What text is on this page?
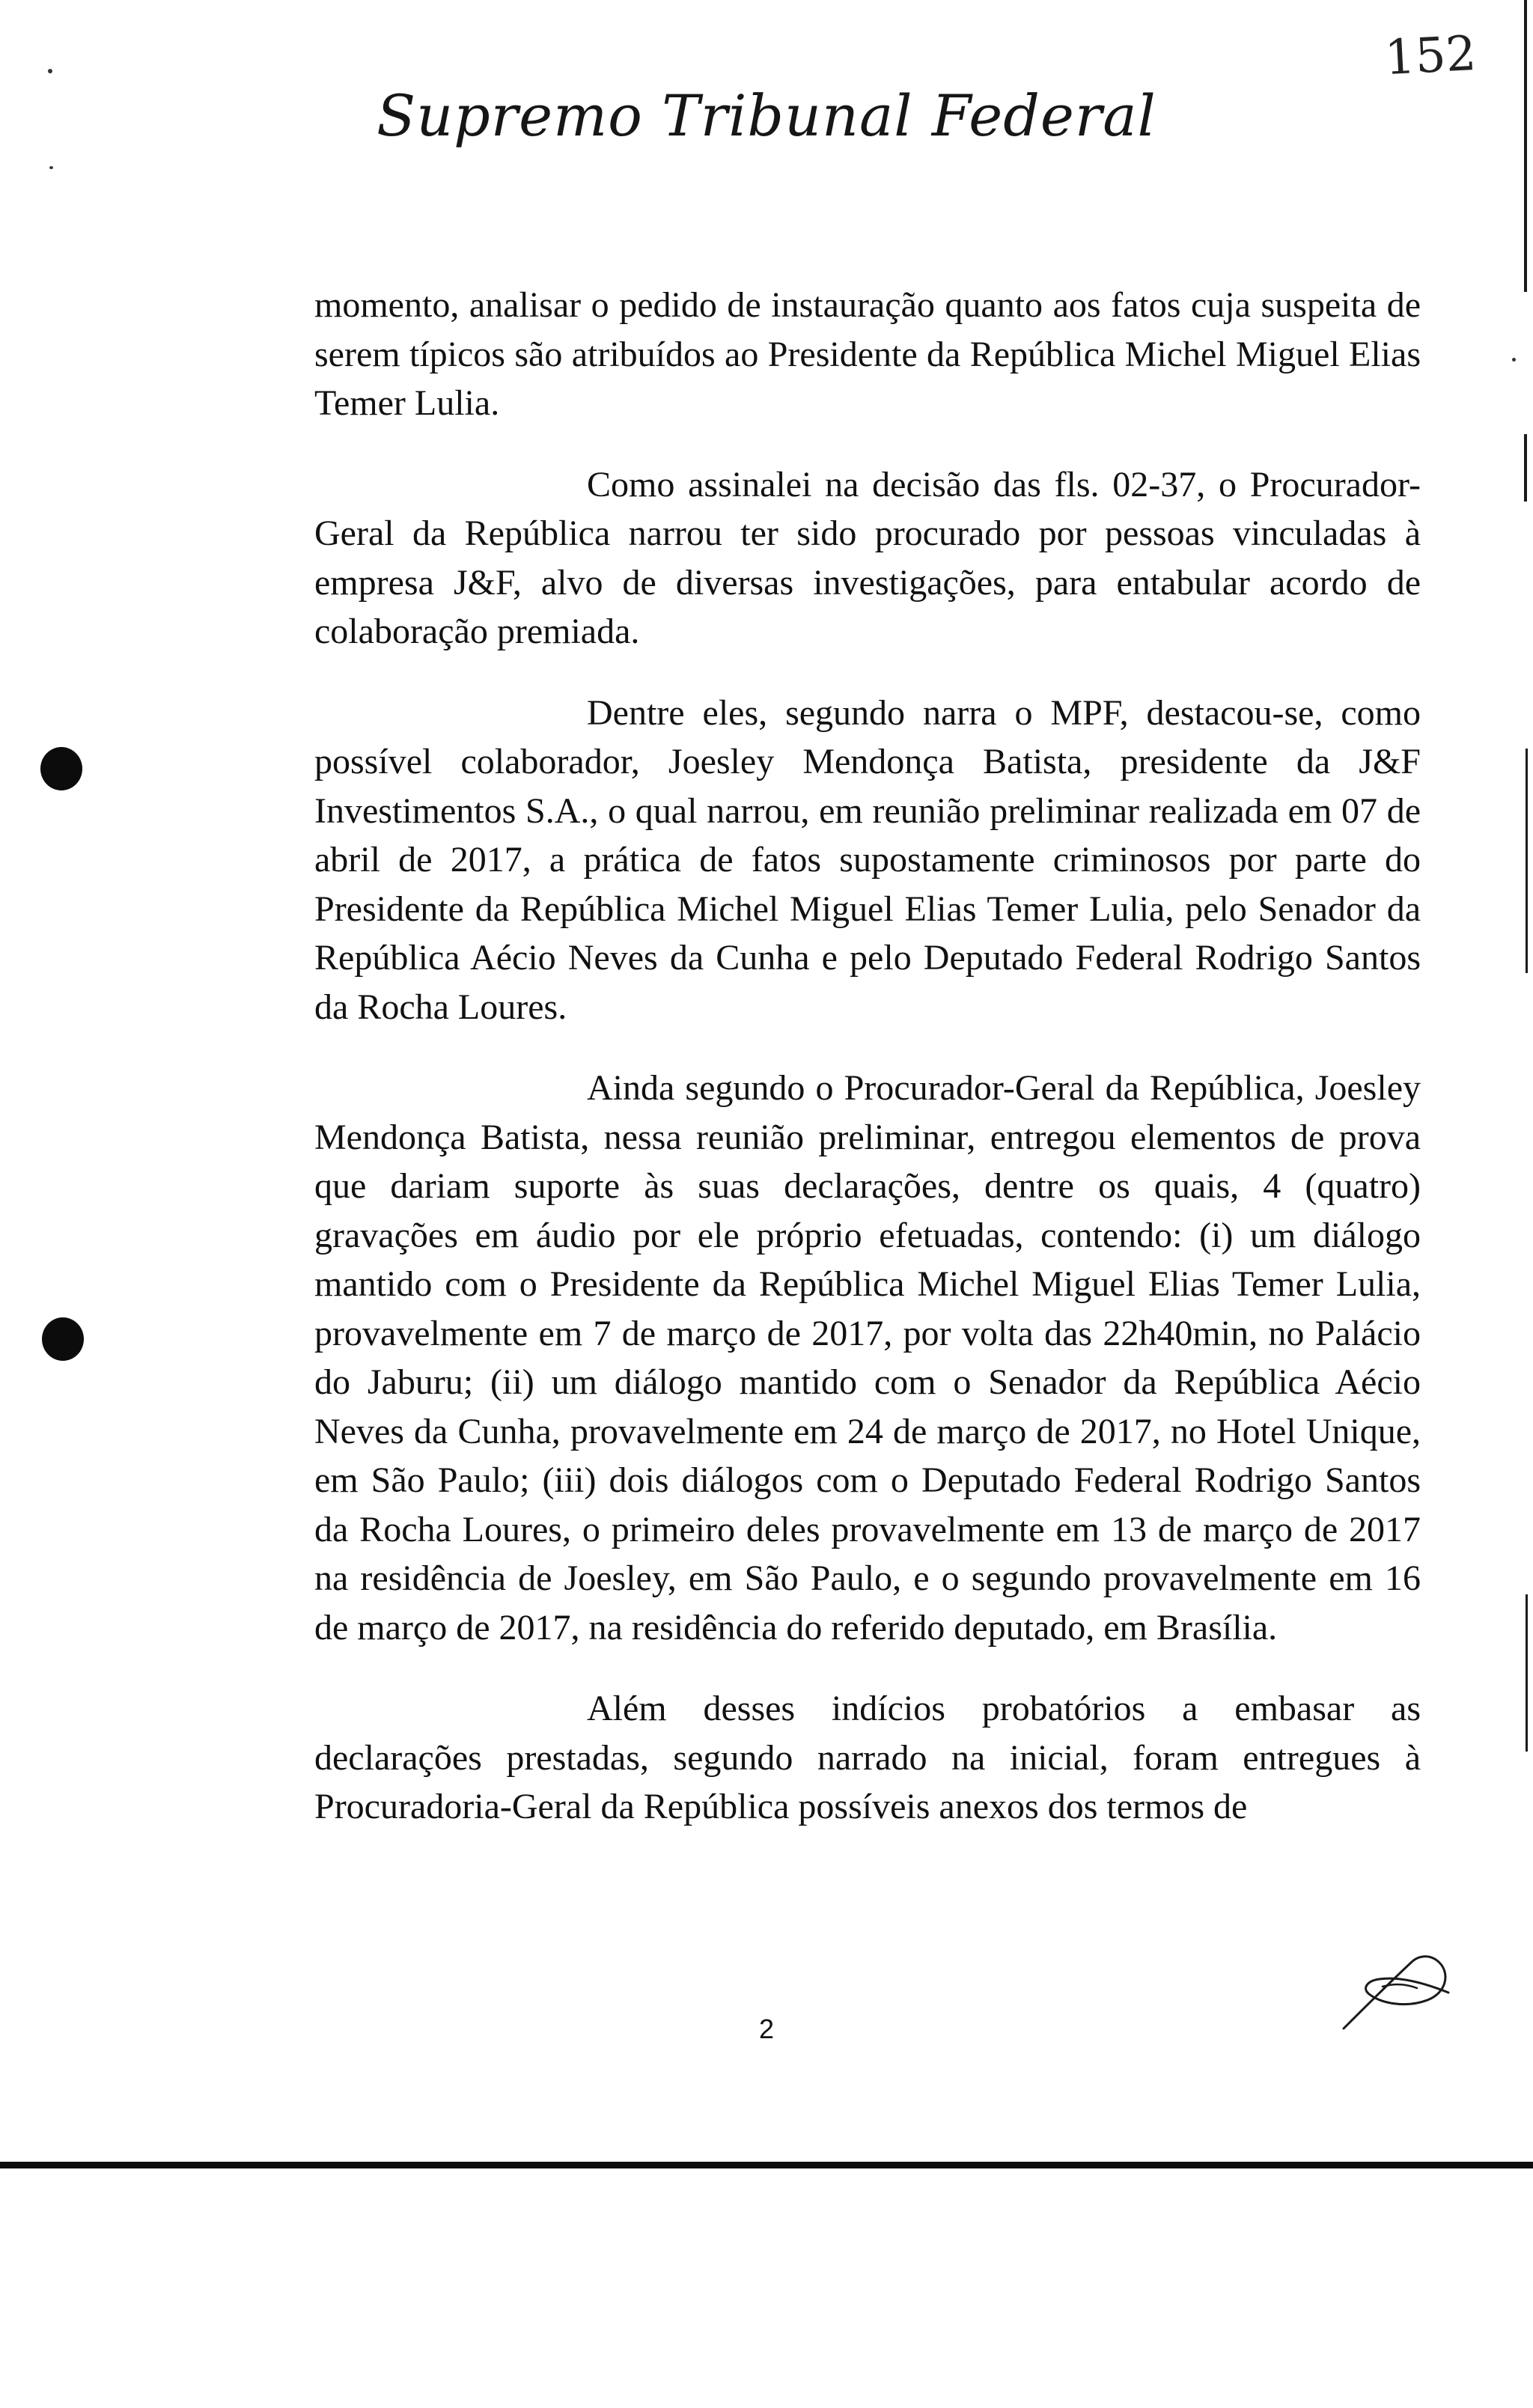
152
Supremo Tribunal Federal

momento, analisar o pedido de instauração quanto aos fatos cuja suspeita de serem típicos são atribuídos ao Presidente da República Michel Miguel Elias Temer Lulia.

Como assinalei na decisão das fls. 02-37, o Procurador-Geral da República narrou ter sido procurado por pessoas vinculadas à empresa J&F, alvo de diversas investigações, para entabular acordo de colaboração premiada.

Dentre eles, segundo narra o MPF, destacou-se, como possível colaborador, Joesley Mendonça Batista, presidente da J&F Investimentos S.A., o qual narrou, em reunião preliminar realizada em 07 de abril de 2017, a prática de fatos supostamente criminosos por parte do Presidente da República Michel Miguel Elias Temer Lulia, pelo Senador da República Aécio Neves da Cunha e pelo Deputado Federal Rodrigo Santos da Rocha Loures.

Ainda segundo o Procurador-Geral da República, Joesley Mendonça Batista, nessa reunião preliminar, entregou elementos de prova que dariam suporte às suas declarações, dentre os quais, 4 (quatro) gravações em áudio por ele próprio efetuadas, contendo: (i) um diálogo mantido com o Presidente da República Michel Miguel Elias Temer Lulia, provavelmente em 7 de março de 2017, por volta das 22h40min, no Palácio do Jaburu; (ii) um diálogo mantido com o Senador da República Aécio Neves da Cunha, provavelmente em 24 de março de 2017, no Hotel Unique, em São Paulo; (iii) dois diálogos com o Deputado Federal Rodrigo Santos da Rocha Loures, o primeiro deles provavelmente em 13 de março de 2017 na residência de Joesley, em São Paulo, e o segundo provavelmente em 16 de março de 2017, na residência do referido deputado, em Brasília.

Além desses indícios probatórios a embasar as declarações prestadas, segundo narrado na inicial, foram entregues à Procuradoria-Geral da República possíveis anexos dos termos de

2
